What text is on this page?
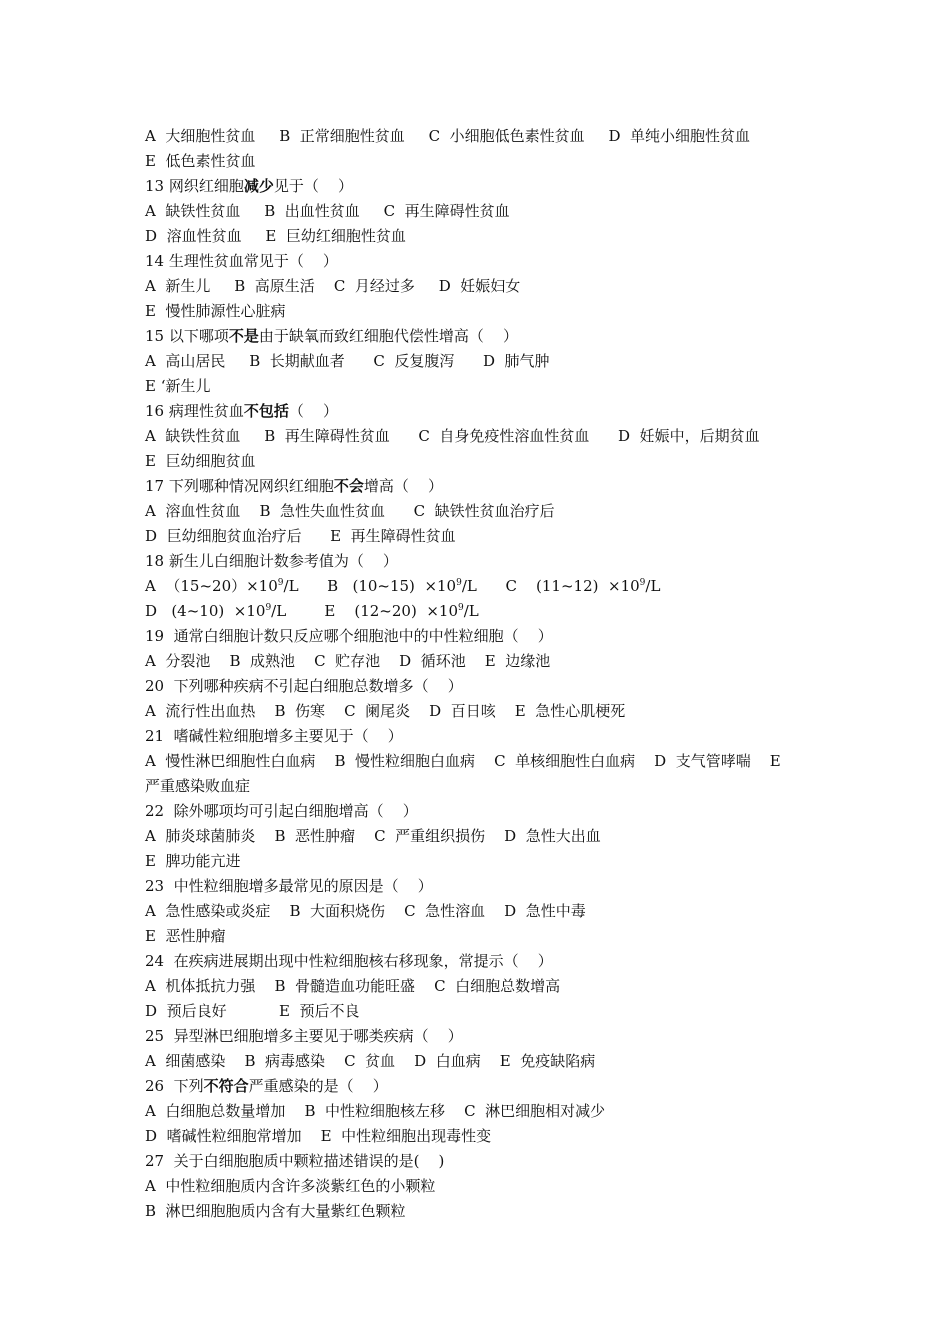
A  大细胞性贫血     B  正常细胞性贫血     C  小细胞低色素性贫血     D  单纯小细胞性贫血
E  低色素性贫血
13 网织红细胞减少见于（    ）
A  缺铁性贫血     B  出血性贫血     C  再生障碍性贫血
D  溶血性贫血     E  巨幼红细胞性贫血
14 生理性贫血常见于（    ）
A  新生儿     B  高原生活    C  月经过多     D  妊娠妇女
E  慢性肺源性心脏病
15 以下哪项不是由于缺氧而致红细胞代偿性增高（    ）
A  高山居民     B  长期献血者      C  反复腹泻      D  肺气肿
E ‘新生儿
16 病理性贫血不包括（    ）
A  缺铁性贫血     B  再生障碍性贫血      C  自身免疫性溶血性贫血      D  妊娠中，后期贫血
E  巨幼细胞贫血
17 下列哪种情况网织红细胞不会增高（    ）
A  溶血性贫血    B  急性失血性贫血      C  缺铁性贫血治疗后
D  巨幼细胞贫血治疗后      E  再生障碍性贫血
18 新生儿白细胞计数参考值为（    ）
A  $(15\sim 20)\times 10^9/L$      B   (10~15)  $\times 10^9/L$      C    (11~12)  $\times 10^9/L$
D   (4~10)  $\times 10^9/L$        E    (12~20)  $\times 10^9/L$
19  通常白细胞计数只反应哪个细胞池中的中性粒细胞（    ）
A  分裂池    B  成熟池    C  贮存池    D  循环池    E  边缘池
20  下列哪种疾病不引起白细胞总数增多（    ）
A  流行性出血热    B  伤寒    C  阑尾炎    D  百日咳    E  急性心肌梗死
21  嗜碱性粒细胞增多主要见于（    ）
A  慢性淋巴细胞性白血病    B  慢性粒细胞白血病    C  单核细胞性白血病    D  支气管哮喘    E
严重感染败血症
22  除外哪项均可引起白细胞增高（    ）
A  肺炎球菌肺炎    B  恶性肿瘤    C  严重组织损伤    D  急性大出血
E  脾功能亢进
23  中性粒细胞增多最常见的原因是（    ）
A  急性感染或炎症    B  大面积烧伤    C  急性溶血    D  急性中毒
E  恶性肿瘤
24  在疾病进展期出现中性粒细胞核右移现象，常提示（    ）
A  机体抵抗力强    B  骨髓造血功能旺盛    C  白细胞总数增高
D  预后良好           E  预后不良
25  异型淋巴细胞增多主要见于哪类疾病（    ）
A  细菌感染    B  病毒感染    C  贫血    D  白血病    E  免疫缺陷病
26  下列不符合严重感染的是（    ）
A  白细胞总数量增加    B  中性粒细胞核左移    C  淋巴细胞相对减少
D  嗜碱性粒细胞常增加    E  中性粒细胞出现毒性变
27  关于白细胞胞质中颗粒描述错误的是(    )
A  中性粒细胞质内含许多淡紫红色的小颗粒
B  淋巴细胞胞质内含有大量紫红色颗粒
